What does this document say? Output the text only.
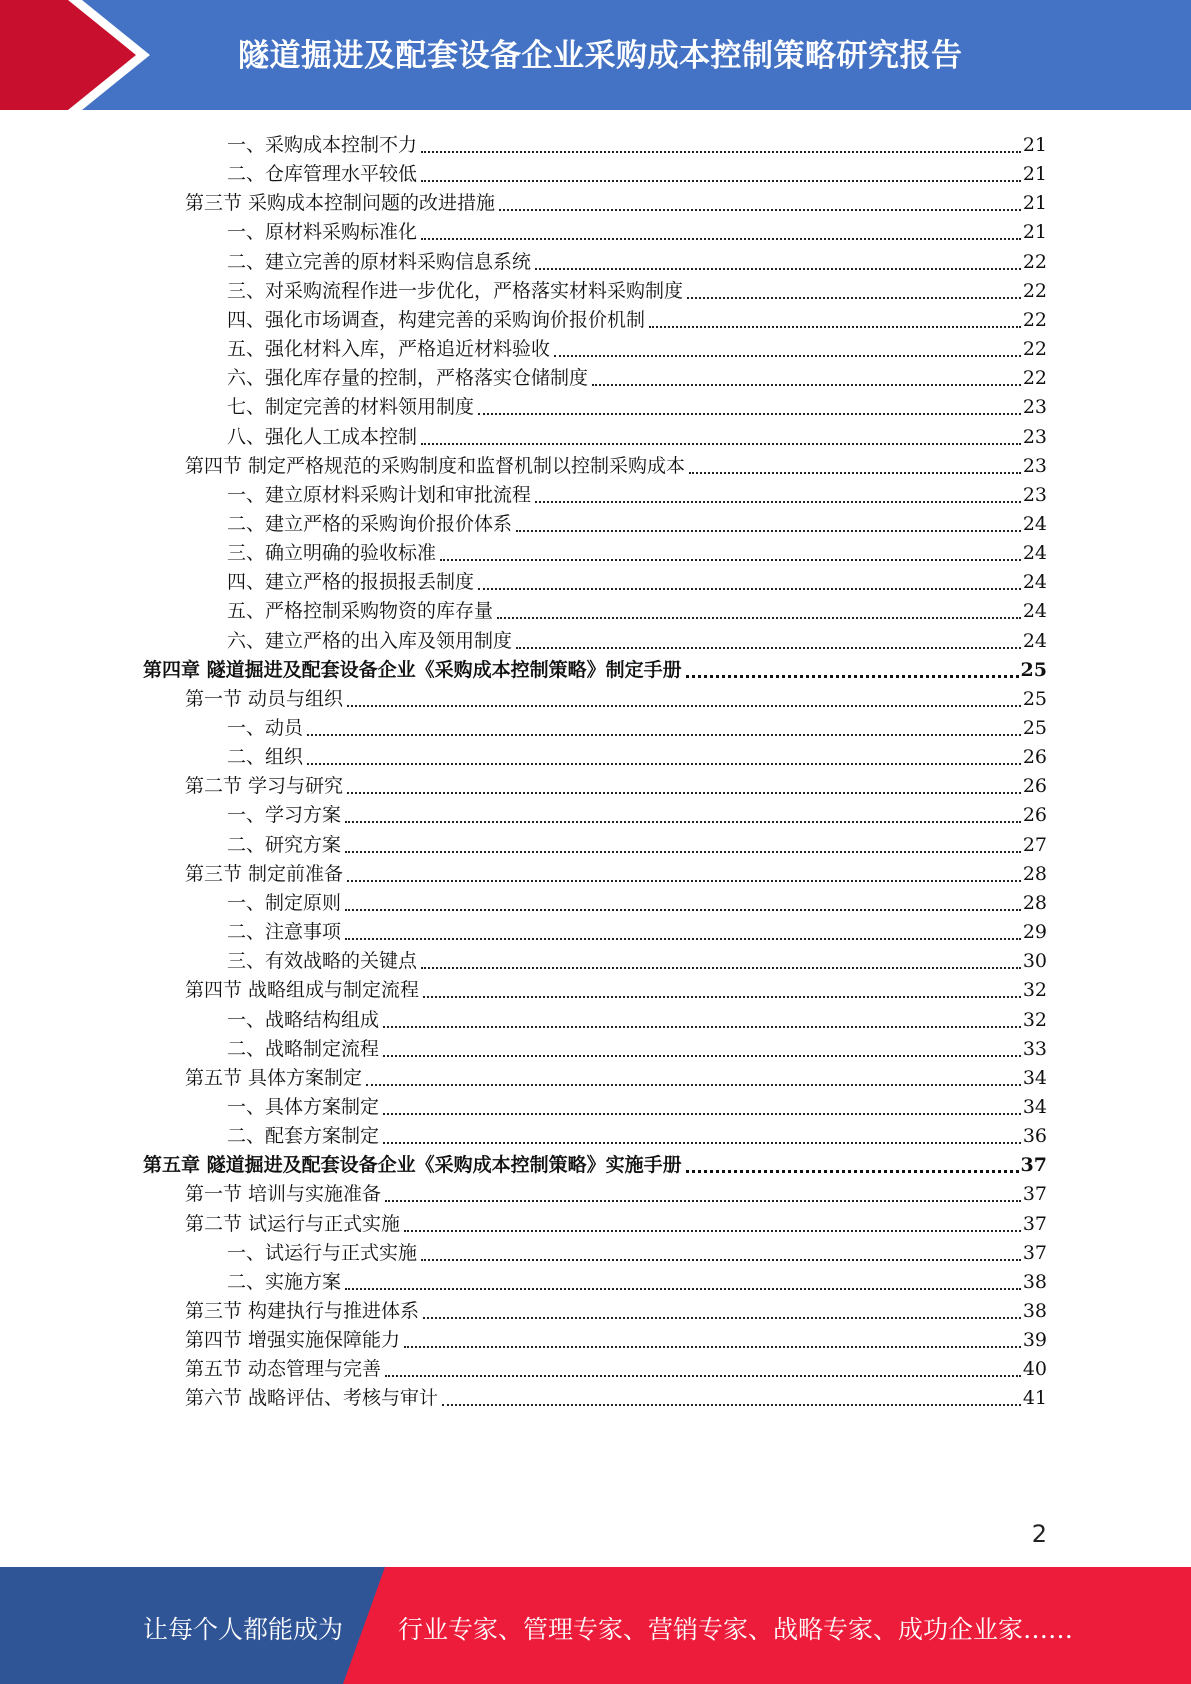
隧道掘进及配套设备企业采购成本控制策略研究报告
一、采购成本控制不力	21
二、仓库管理水平较低	21
第三节 采购成本控制问题的改进措施	21
一、原材料采购标准化	21
二、建立完善的原材料采购信息系统	22
三、对采购流程作进一步优化，严格落实材料采购制度	22
四、强化市场调查，构建完善的采购询价报价机制	22
五、强化材料入库，严格追近材料验收	22
六、强化库存量的控制，严格落实仓储制度	22
七、制定完善的材料领用制度	23
八、强化人工成本控制	23
第四节 制定严格规范的采购制度和监督机制以控制采购成本	23
一、建立原材料采购计划和审批流程	23
二、建立严格的采购询价报价体系	24
三、确立明确的验收标准	24
四、建立严格的报损报丢制度	24
五、严格控制采购物资的库存量	24
六、建立严格的出入库及领用制度	24
第四章 隧道掘进及配套设备企业《采购成本控制策略》制定手册	25
第一节 动员与组织	25
一、动员	25
二、组织	26
第二节 学习与研究	26
一、学习方案	26
二、研究方案	27
第三节 制定前准备	28
一、制定原则	28
二、注意事项	29
三、有效战略的关键点	30
第四节 战略组成与制定流程	32
一、战略结构组成	32
二、战略制定流程	33
第五节 具体方案制定	34
一、具体方案制定	34
二、配套方案制定	36
第五章 隧道掘进及配套设备企业《采购成本控制策略》实施手册	37
第一节 培训与实施准备	37
第二节 试运行与正式实施	37
一、试运行与正式实施	37
二、实施方案	38
第三节 构建执行与推进体系	38
第四节 增强实施保障能力	39
第五节 动态管理与完善	40
第六节 战略评估、考核与审计	41
2
让每个人都能成为 行业专家、管理专家、营销专家、战略专家、成功企业家……
